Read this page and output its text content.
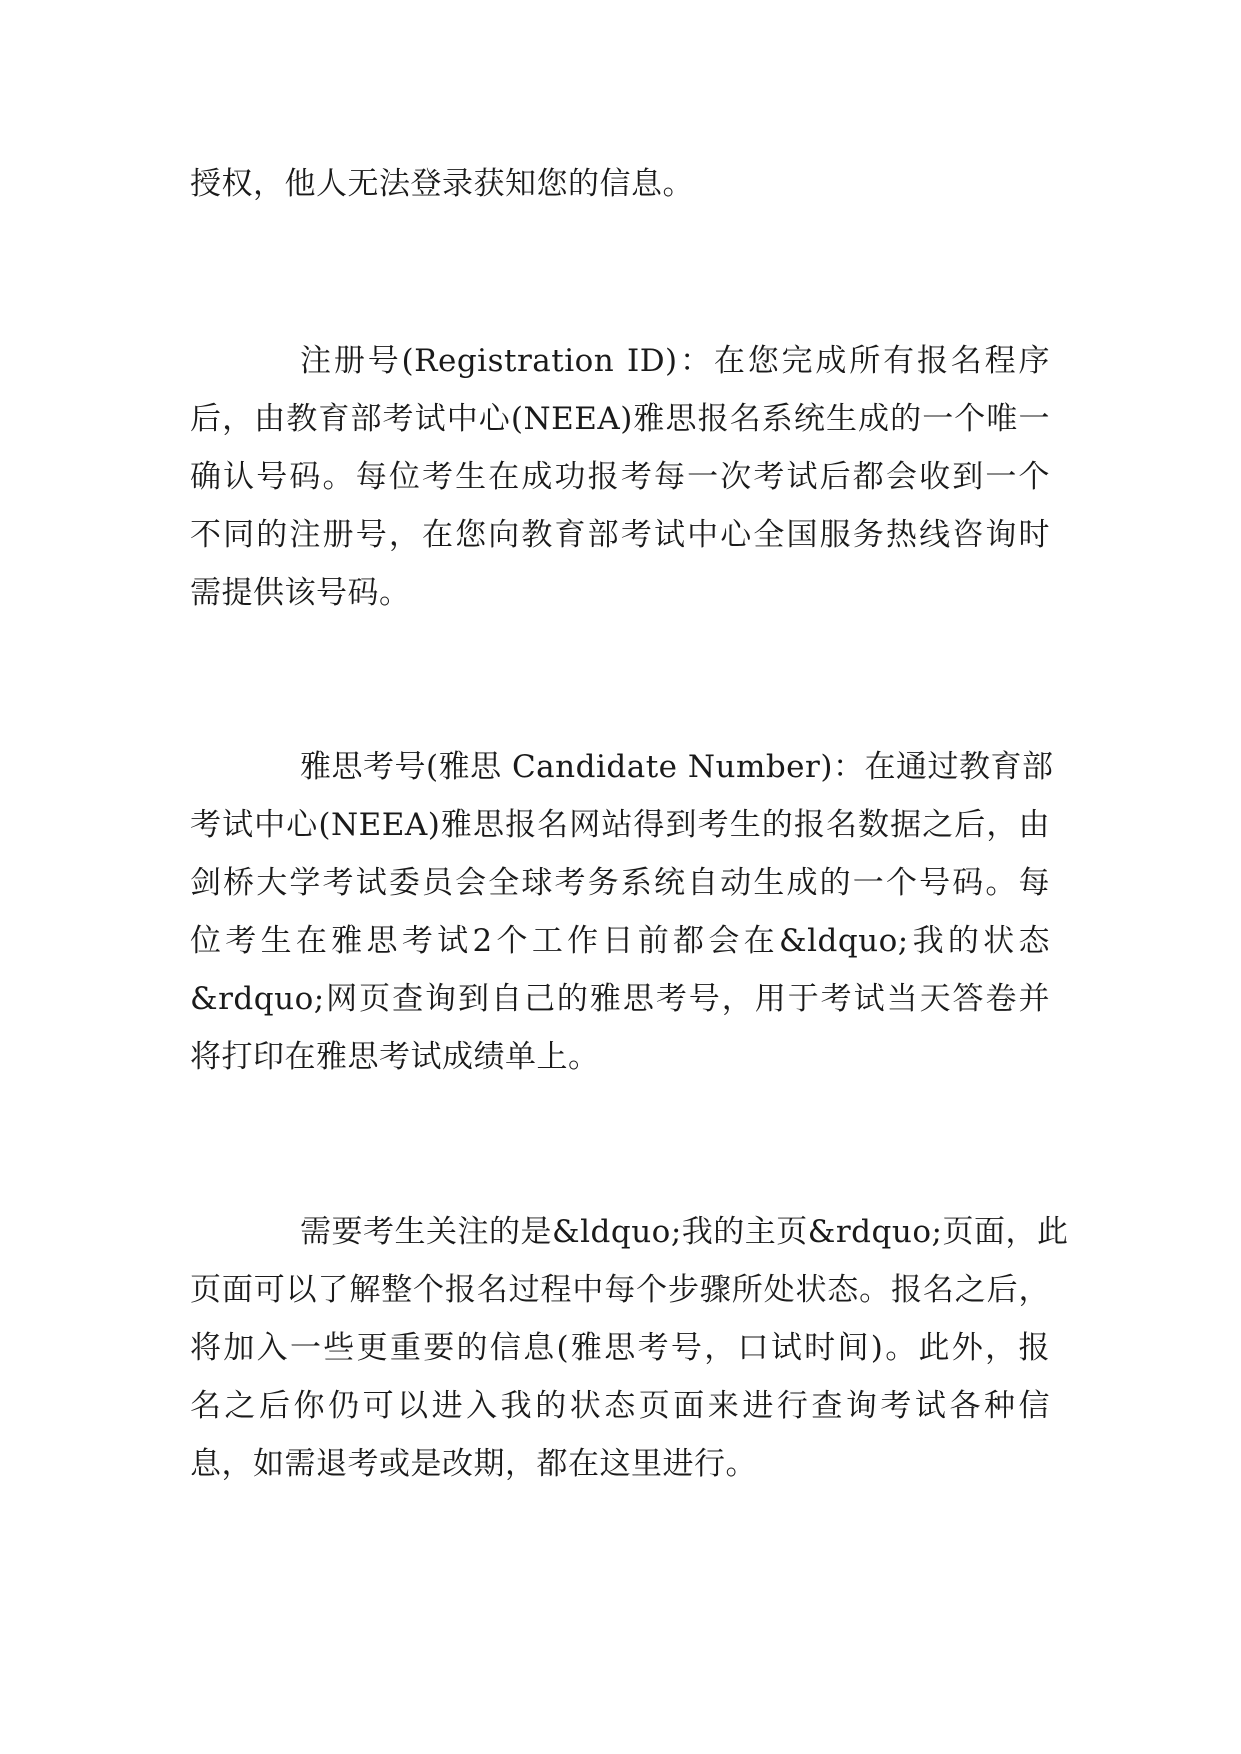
授权，他人无法登录获知您的信息。
注册号(Registration ID)：在您完成所有报名程序
后，由教育部考试中心(NEEA)雅思报名系统生成的一个唯一
确认号码。每位考生在成功报考每一次考试后都会收到一个
不同的注册号，在您向教育部考试中心全国服务热线咨询时
需提供该号码。
雅思考号(雅思 Candidate Number)：在通过教育部
考试中心(NEEA)雅思报名网站得到考生的报名数据之后，由
剑桥大学考试委员会全球考务系统自动生成的一个号码。每
位考生在雅思考试2个工作日前都会在&ldquo;我的状态
&rdquo;网页查询到自己的雅思考号，用于考试当天答卷并
将打印在雅思考试成绩单上。
需要考生关注的是&ldquo;我的主页&rdquo;页面，此
页面可以了解整个报名过程中每个步骤所处状态。报名之后，
将加入一些更重要的信息(雅思考号，口试时间)。此外，报
名之后你仍可以进入我的状态页面来进行查询考试各种信
息，如需退考或是改期，都在这里进行。
